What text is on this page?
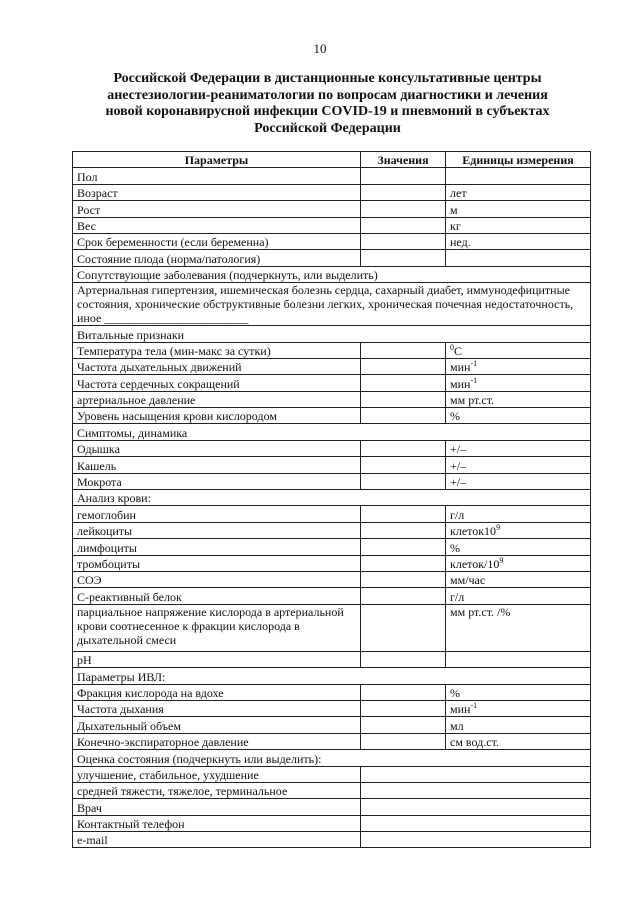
10
Российской Федерации в дистанционные консультативные центры
анестезиологии-реаниматологии по вопросам диагностики и лечения
новой коронавирусной инфекции COVID-19 и пневмоний в субъектах
Российской Федерации
Параметры	Значения	Единицы измерения
Пол		
Возраст		лет
Рост		м
Вес		кг
Срок беременности (если беременна)		нед.
Состояние плода (норма/патология)		
Сопутствующие заболевания (подчеркнуть, или выделить)		
Артериальная гипертензия, ишемическая болезнь сердца, сахарный диабет, иммунодефицитные состояния, хронические обструктивные болезни легких, хроническая почечная недостаточность, иное ________________________		
Витальные признаки		
Температура тела (мин-макс за сутки)		$^0$C
Частота дыхательных движений		мин$^{-1}$
Частота сердечных сокращений		мин$^{-1}$
артериальное давление		мм рт.ст.
Уровень насыщения крови кислородом		%
Симптомы, динамика		
Одышка		+/–
Кашель		+/–
Мокрота		+/–
Анализ крови:		
гемоглобин		г/л
лейкоциты		$клеток10^9$
лимфоциты		%
тромбоциты		клеток/$10^9$
СОЭ		мм/час
С-реактивный белок		г/л
парциальное напряжение кислорода в артериальной крови соотнесенное к фракции кислорода в дыхательной смеси		мм рт.ст. /%
pH		
Параметры ИВЛ:		
Фракция кислорода на вдохе		%
Частота дыхания		мин$^{-1}$
Дыхательный объем		мл
Конечно-экспираторное давление		см вод.ст.
Оценка состояния (подчеркнуть или выделить):		
улучшение, стабильное, ухудшение		
средней тяжести, тяжелое, терминальное		
Врач		
Контактный телефон		
e-mail		
